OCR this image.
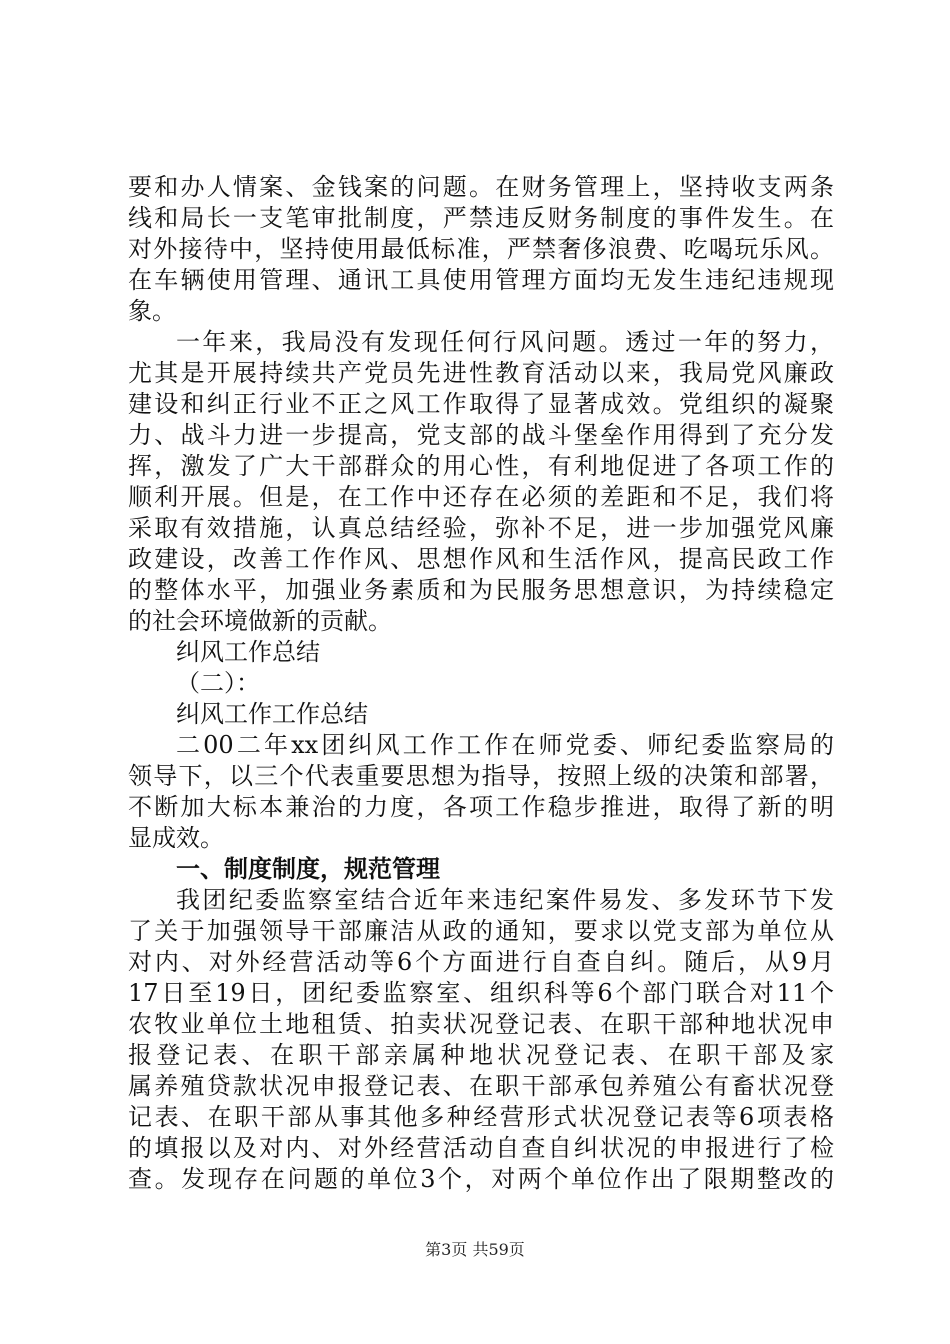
要和办人情案、金钱案的问题。在财务管理上，坚持收支两条
线和局长一支笔审批制度，严禁违反财务制度的事件发生。在
对外接待中，坚持使用最低标准，严禁奢侈浪费、吃喝玩乐风。
在车辆使用管理、通讯工具使用管理方面均无发生违纪违规现
象。
一年来，我局没有发现任何行风问题。透过一年的努力，
尤其是开展持续共产党员先进性教育活动以来，我局党风廉政
建设和纠正行业不正之风工作取得了显著成效。党组织的凝聚
力、战斗力进一步提高，党支部的战斗堡垒作用得到了充分发
挥，激发了广大干部群众的用心性，有利地促进了各项工作的
顺利开展。但是，在工作中还存在必须的差距和不足，我们将
采取有效措施，认真总结经验，弥补不足，进一步加强党风廉
政建设，改善工作作风、思想作风和生活作风，提高民政工作
的整体水平，加强业务素质和为民服务思想意识，为持续稳定
的社会环境做新的贡献。
纠风工作总结
（二）：
纠风工作工作总结
二00二年xx团纠风工作工作在师党委、师纪委监察局的
领导下，以三个代表重要思想为指导，按照上级的决策和部署，
不断加大标本兼治的力度，各项工作稳步推进，取得了新的明
显成效。
一、制度制度，规范管理
我团纪委监察室结合近年来违纪案件易发、多发环节下发
了关于加强领导干部廉洁从政的通知，要求以党支部为单位从
对内、对外经营活动等6个方面进行自查自纠。随后，从9月
17日至19日，团纪委监察室、组织科等6个部门联合对11个
农牧业单位土地租赁、拍卖状况登记表、在职干部种地状况申
报登记表、在职干部亲属种地状况登记表、在职干部及家
属养殖贷款状况申报登记表、在职干部承包养殖公有畜状况登
记表、在职干部从事其他多种经营形式状况登记表等6项表格
的填报以及对内、对外经营活动自查自纠状况的申报进行了检
查。发现存在问题的单位3个，对两个单位作出了限期整改的
第3页 共59页
